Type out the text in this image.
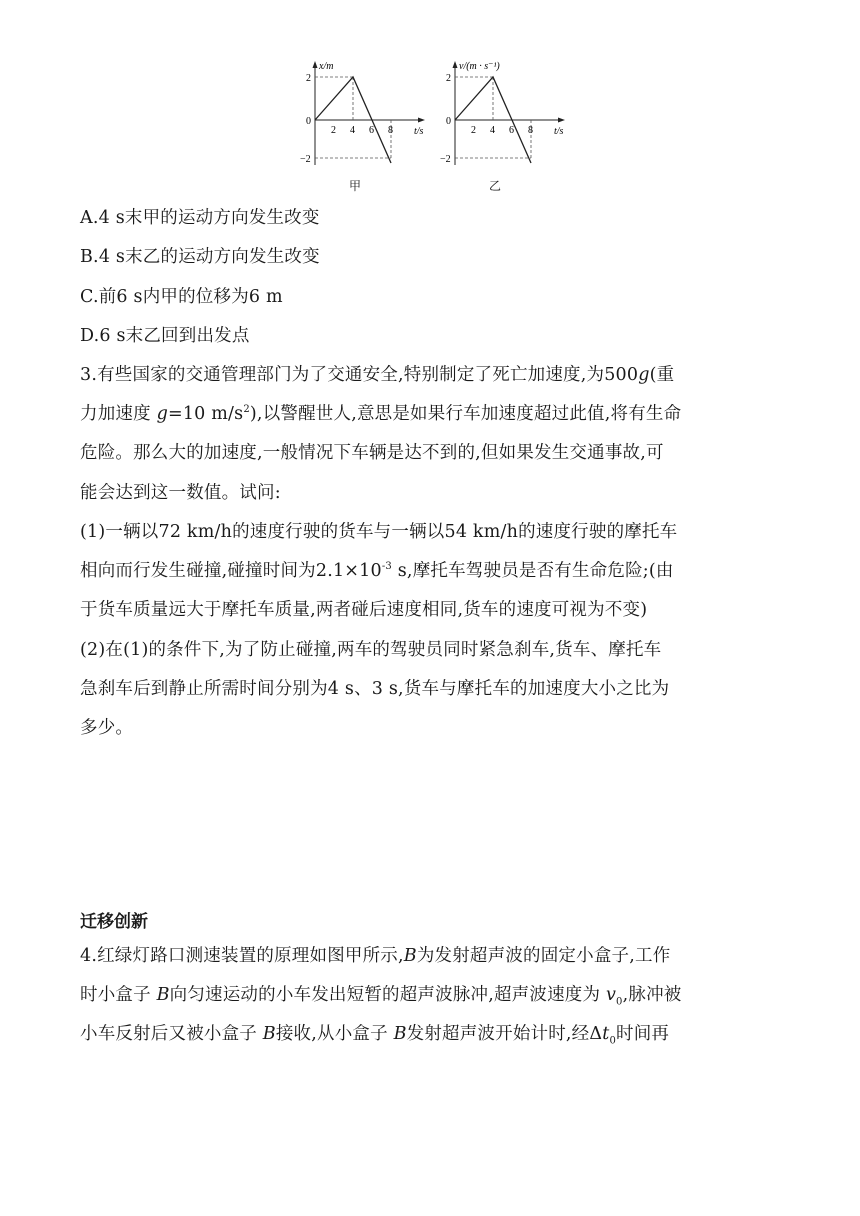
x/m
t/s
0
2
−2
2 4 6 8
甲
v/(m · s⁻¹)
t/s
0
2
−2
2 4 6 8
乙
A.4 s末甲的运动方向发生改变
B.4 s末乙的运动方向发生改变
C.前6 s内甲的位移为6 m
D.6 s末乙回到出发点
3.有些国家的交通管理部门为了交通安全,特别制定了死亡加速度,为500g(重
力加速度 g=10 $m/s^2$),以警醒世人,意思是如果行车加速度超过此值,将有生命
危险。那么大的加速度,一般情况下车辆是达不到的,但如果发生交通事故,可
能会达到这一数值。试问:
(1)一辆以72 km/h的速度行驶的货车与一辆以54 km/h的速度行驶的摩托车
相向而行发生碰撞,碰撞时间为$2.1\times 10^{-3}$ s,摩托车驾驶员是否有生命危险;(由
于货车质量远大于摩托车质量,两者碰后速度相同,货车的速度可视为不变)
(2)在(1)的条件下,为了防止碰撞,两车的驾驶员同时紧急刹车,货车、摩托车
急刹车后到静止所需时间分别为4 s、3 s,货车与摩托车的加速度大小之比为
多少。
迁移创新
4.红绿灯路口测速装置的原理如图甲所示,B为发射超声波的固定小盒子,工作
时小盒子 B向匀速运动的小车发出短暂的超声波脉冲,超声波速度为 $v_0$,脉冲被
小车反射后又被小盒子 B接收,从小盒子 B发射超声波开始计时,经$\Delta t_0$时间再
